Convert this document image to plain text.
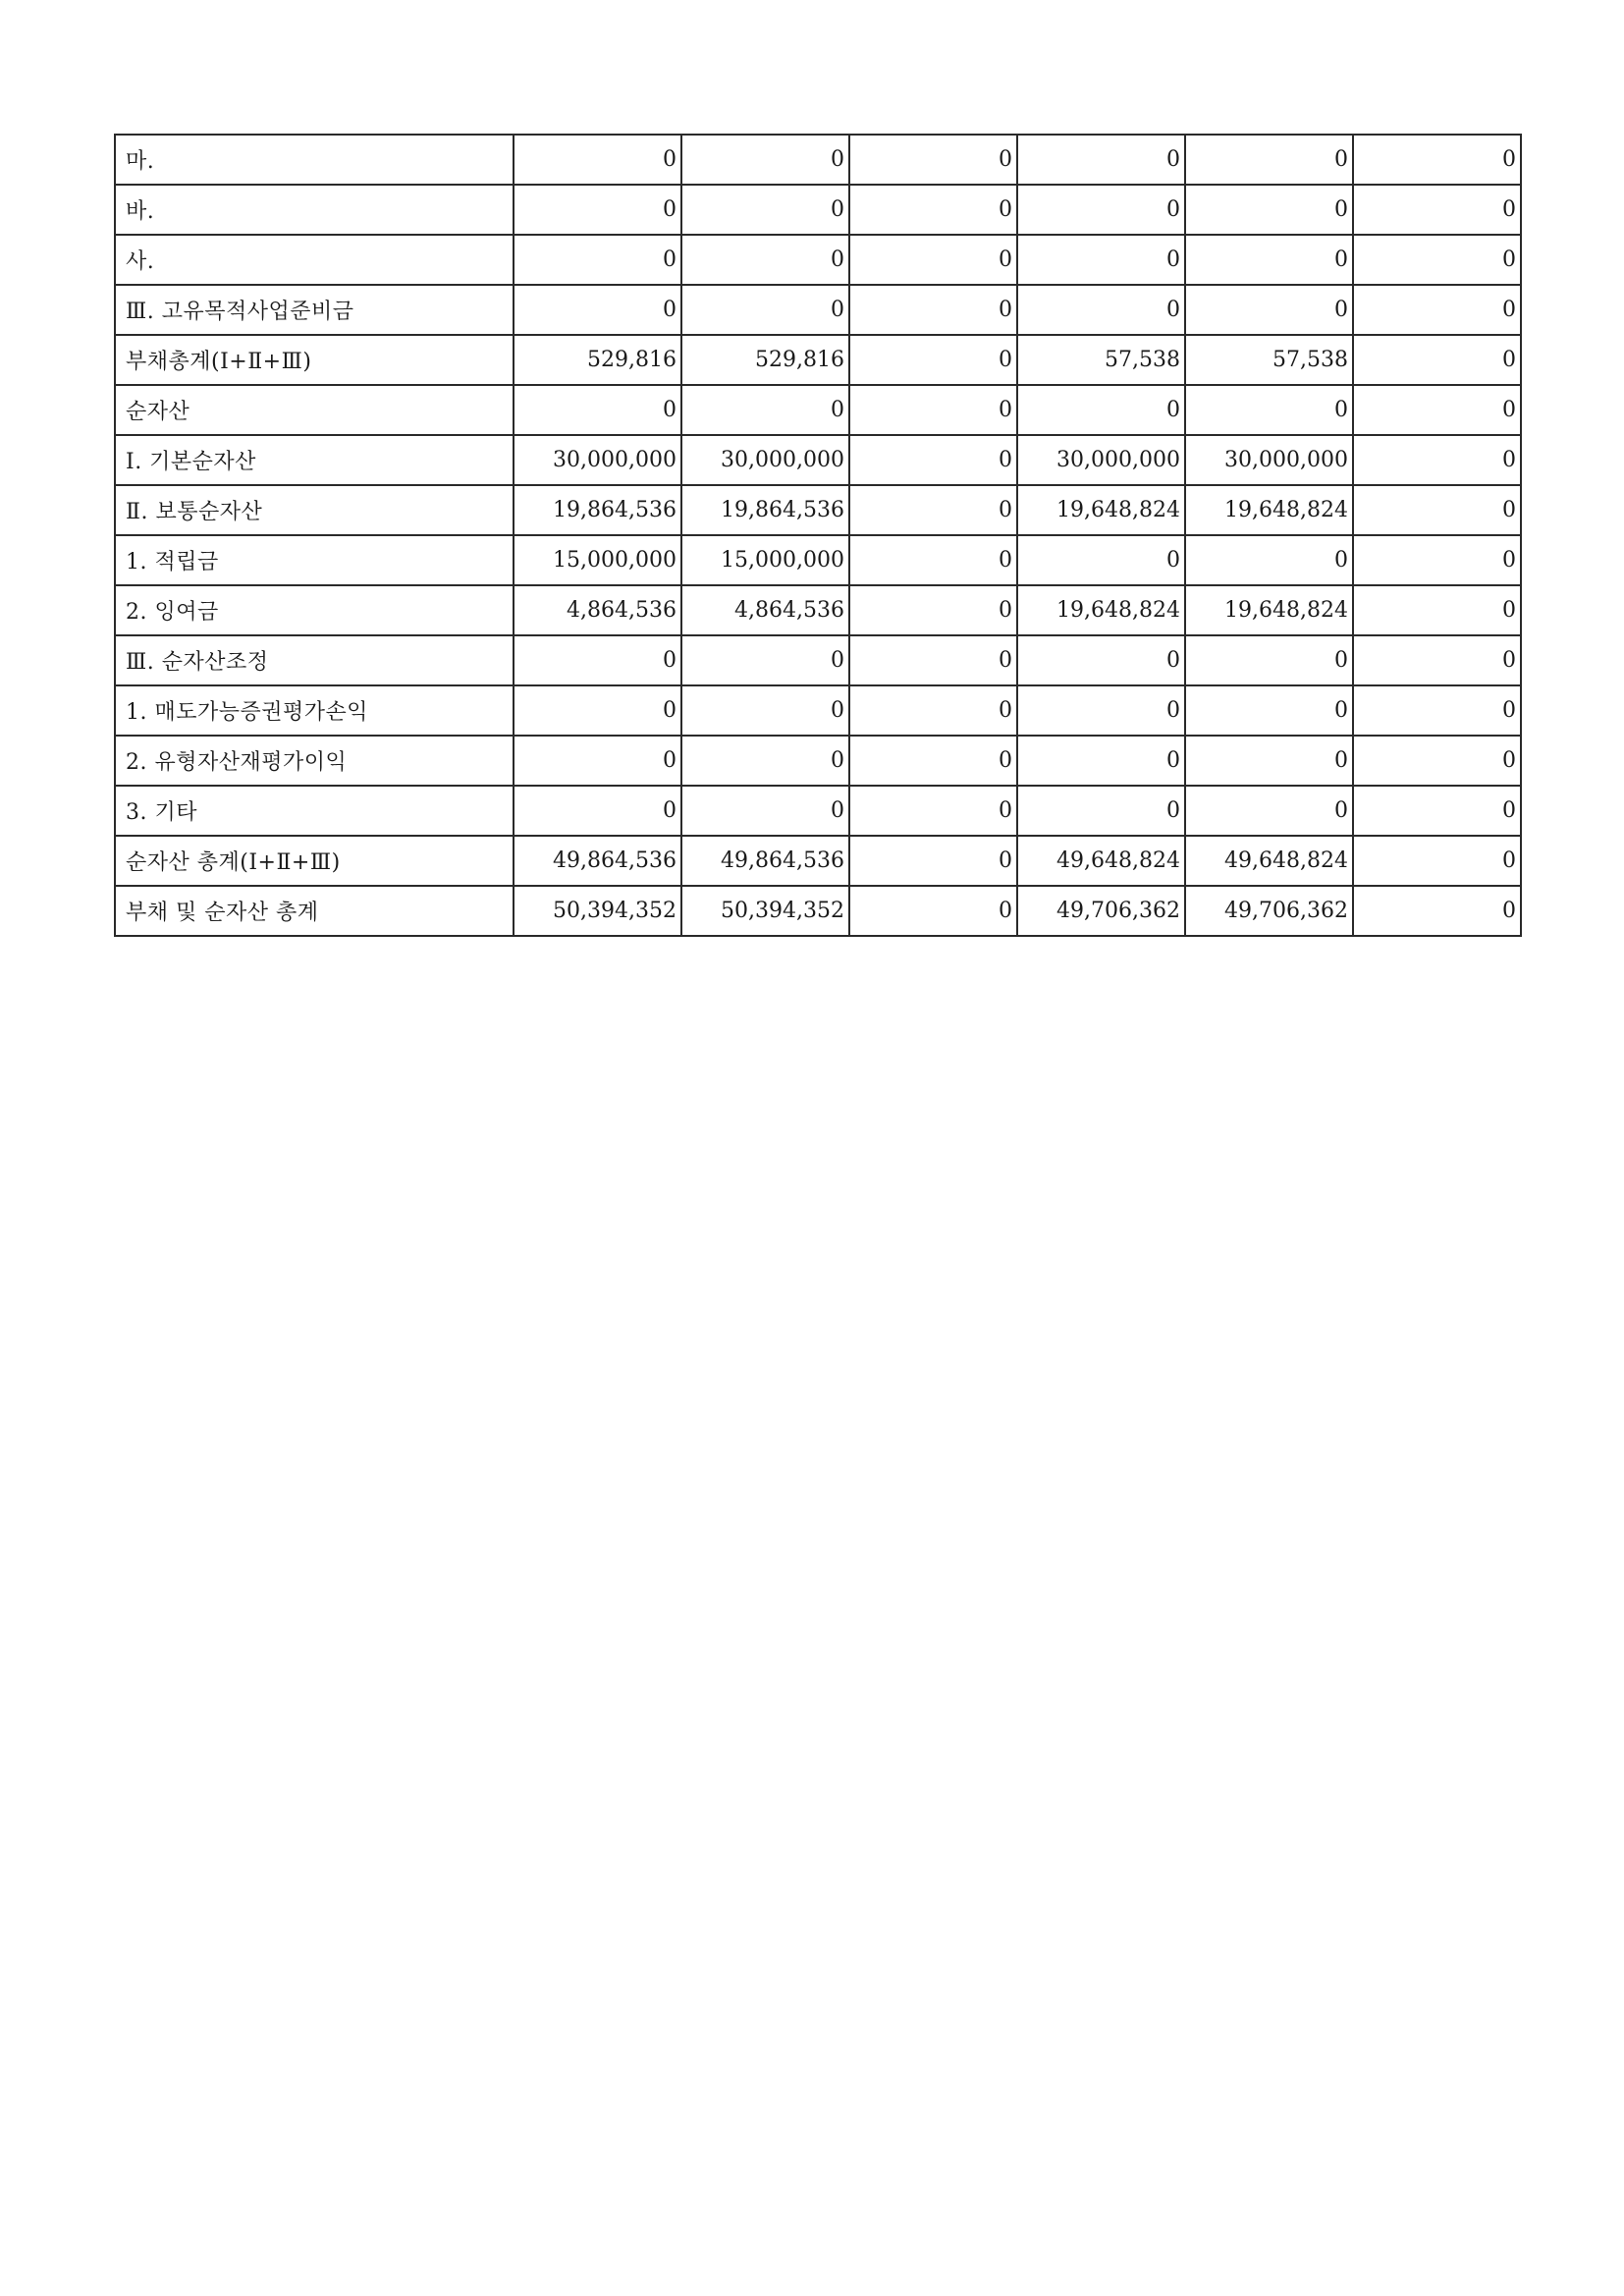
마.	0	0	0	0	0	0
바.	0	0	0	0	0	0
사.	0	0	0	0	0	0
Ⅲ. 고유목적사업준비금	0	0	0	0	0	0
부채총계(Ⅰ+Ⅱ+Ⅲ)	529,816	529,816	0	57,538	57,538	0
순자산	0	0	0	0	0	0
Ⅰ. 기본순자산	30,000,000	30,000,000	0	30,000,000	30,000,000	0
Ⅱ. 보통순자산	19,864,536	19,864,536	0	19,648,824	19,648,824	0
1. 적립금	15,000,000	15,000,000	0	0	0	0
2. 잉여금	4,864,536	4,864,536	0	19,648,824	19,648,824	0
Ⅲ. 순자산조정	0	0	0	0	0	0
1. 매도가능증권평가손익	0	0	0	0	0	0
2. 유형자산재평가이익	0	0	0	0	0	0
3. 기타	0	0	0	0	0	0
순자산 총계(Ⅰ+Ⅱ+Ⅲ)	49,864,536	49,864,536	0	49,648,824	49,648,824	0
부채 및 순자산 총계	50,394,352	50,394,352	0	49,706,362	49,706,362	0
